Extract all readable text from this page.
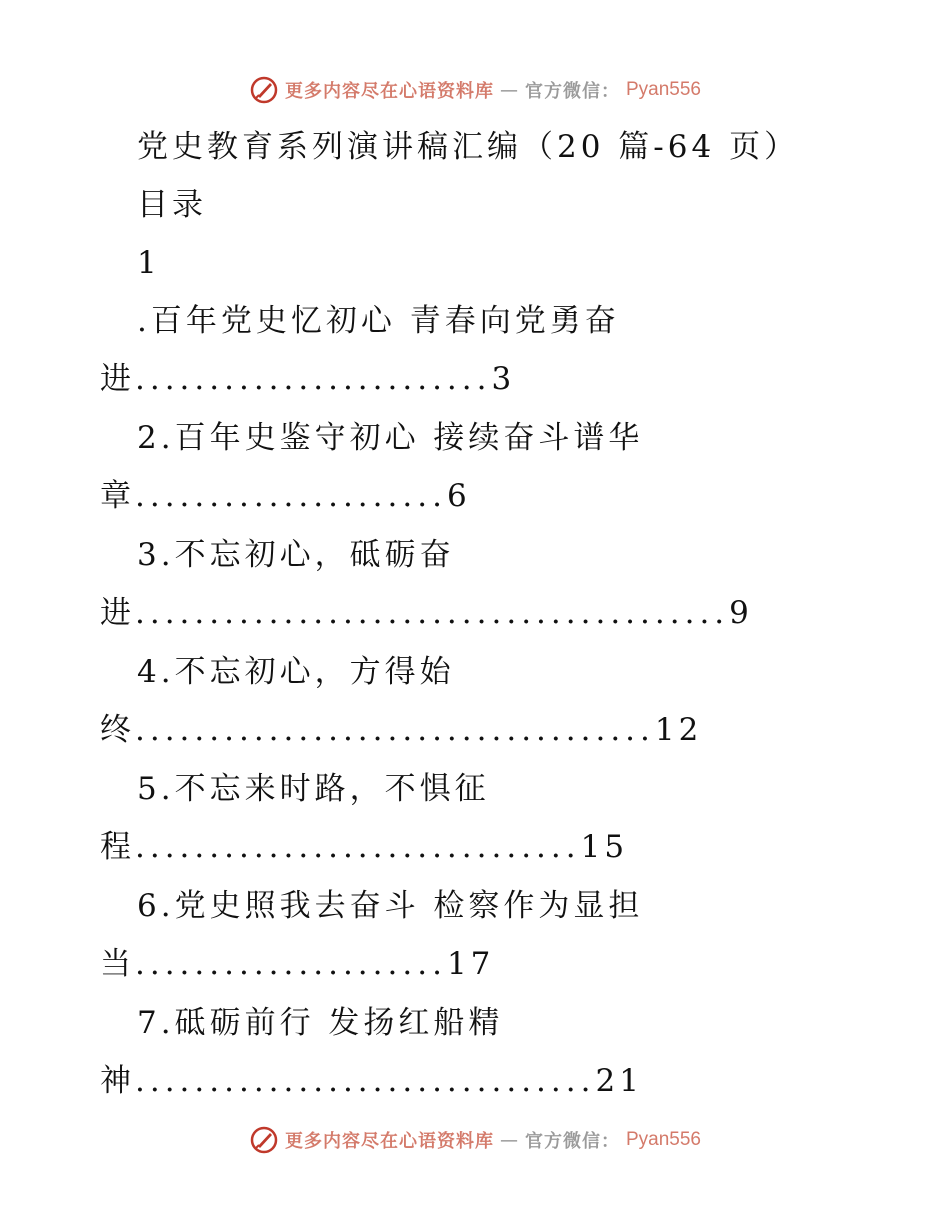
更多内容尽在心语资料库 — 官方微信： Pyan556
党史教育系列演讲稿汇编（20 篇-64 页）
目录
1
.百年党史忆初心 青春向党勇奋
进........................3
2.百年史鉴守初心 接续奋斗谱华
章.....................6
3.不忘初心，砥砺奋
进........................................9
4.不忘初心，方得始
终...................................12
5.不忘来时路，不惧征
程..............................15
6.党史照我去奋斗 检察作为显担
当.....................17
7.砥砺前行 发扬红船精
神...............................21
更多内容尽在心语资料库 — 官方微信： Pyan556
